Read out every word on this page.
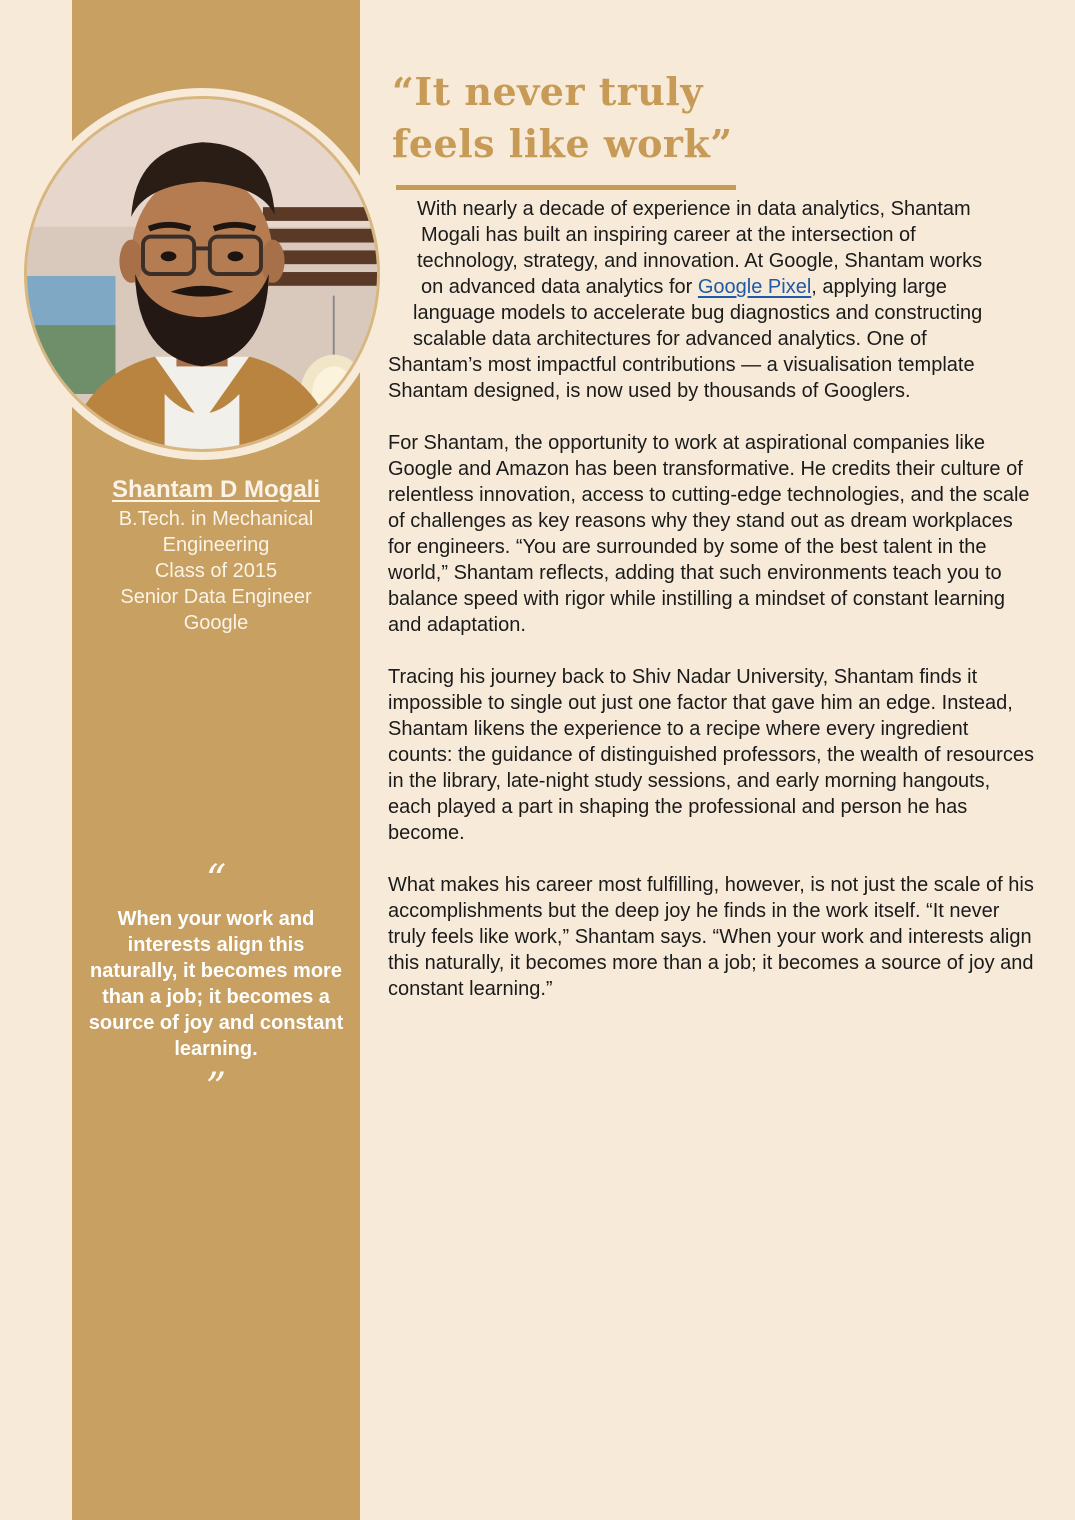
Shantam D Mogali
B.Tech. in Mechanical
Engineering
Class of 2015
Senior Data Engineer
Google
“
When your work and interests align this naturally, it becomes more than a job; it becomes a source of joy and constant learning.
”
“It never truly feels like work”
With nearly a decade of experience in data analytics, Shantam
Mogali has built an inspiring career at the intersection of
technology, strategy, and innovation. At Google, Shantam works
on advanced data analytics for Google Pixel, applying large
language models to accelerate bug diagnostics and constructing
scalable data architectures for advanced analytics. One of
Shantam’s most impactful contributions — a visualisation template
Shantam designed, is now used by thousands of Googlers.

For Shantam, the opportunity to work at aspirational companies like Google and Amazon has been transformative. He credits their culture of relentless innovation, access to cutting-edge technologies, and the scale of challenges as key reasons why they stand out as dream workplaces for engineers. “You are surrounded by some of the best talent in the world,” Shantam reflects, adding that such environments teach you to balance speed with rigor while instilling a mindset of constant learning and adaptation.

Tracing his journey back to Shiv Nadar University, Shantam finds it impossible to single out just one factor that gave him an edge. Instead, Shantam likens the experience to a recipe where every ingredient counts: the guidance of distinguished professors, the wealth of resources in the library, late-night study sessions, and early morning hangouts, each played a part in shaping the professional and person he has become.

What makes his career most fulfilling, however, is not just the scale of his accomplishments but the deep joy he finds in the work itself. “It never truly feels like work,” Shantam says. “When your work and interests align this naturally, it becomes more than a job; it becomes a source of joy and constant learning.”
